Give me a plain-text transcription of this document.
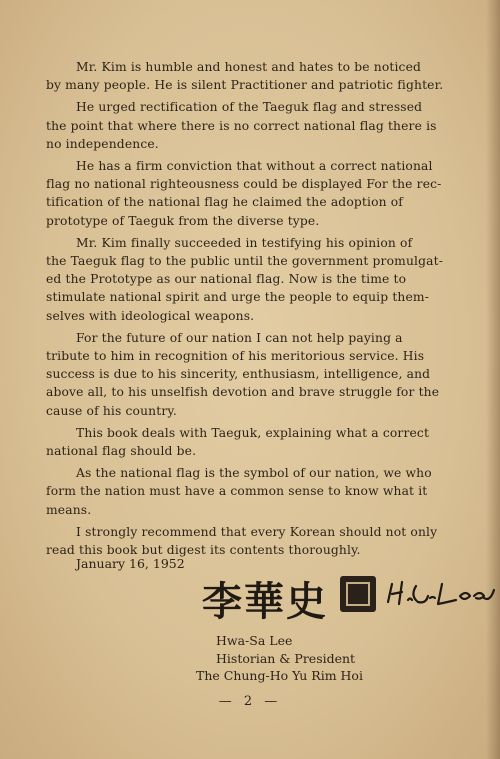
Mr. Kim is humble and honest and hates to be noticed
by many people. He is silent Practitioner and patriotic fighter.

He urged rectification of the Taeguk flag and stressed
the point that where there is no correct national flag there is
no independence.

He has a firm conviction that without a correct national
flag no national righteousness could be displayed For the rec-
tification of the national flag he claimed the adoption of
prototype of Taeguk from the diverse type.

Mr. Kim finally succeeded in testifying his opinion of
the Taeguk flag to the public until the government promulgat-
ed the Prototype as our national flag. Now is the time to
stimulate national spirit and urge the people to equip them-
selves with ideological weapons.

For the future of our nation I can not help paying a
tribute to him in recognition of his meritorious service. His
success is due to his sincerity, enthusiasm, intelligence, and
above all, to his unselfish devotion and brave struggle for the
cause of his country.

This book deals with Taeguk, explaining what a correct
national flag should be.

As the national flag is the symbol of our nation, we who
form the nation must have a common sense to know what it
means.

I strongly recommend that every Korean should not only
read this book but digest its contents thoroughly.

January 16, 1952
李華史
Hwa-Sa Lee
Historian & President
The Chung-Ho Yu Rim Hoi
— 2 —
